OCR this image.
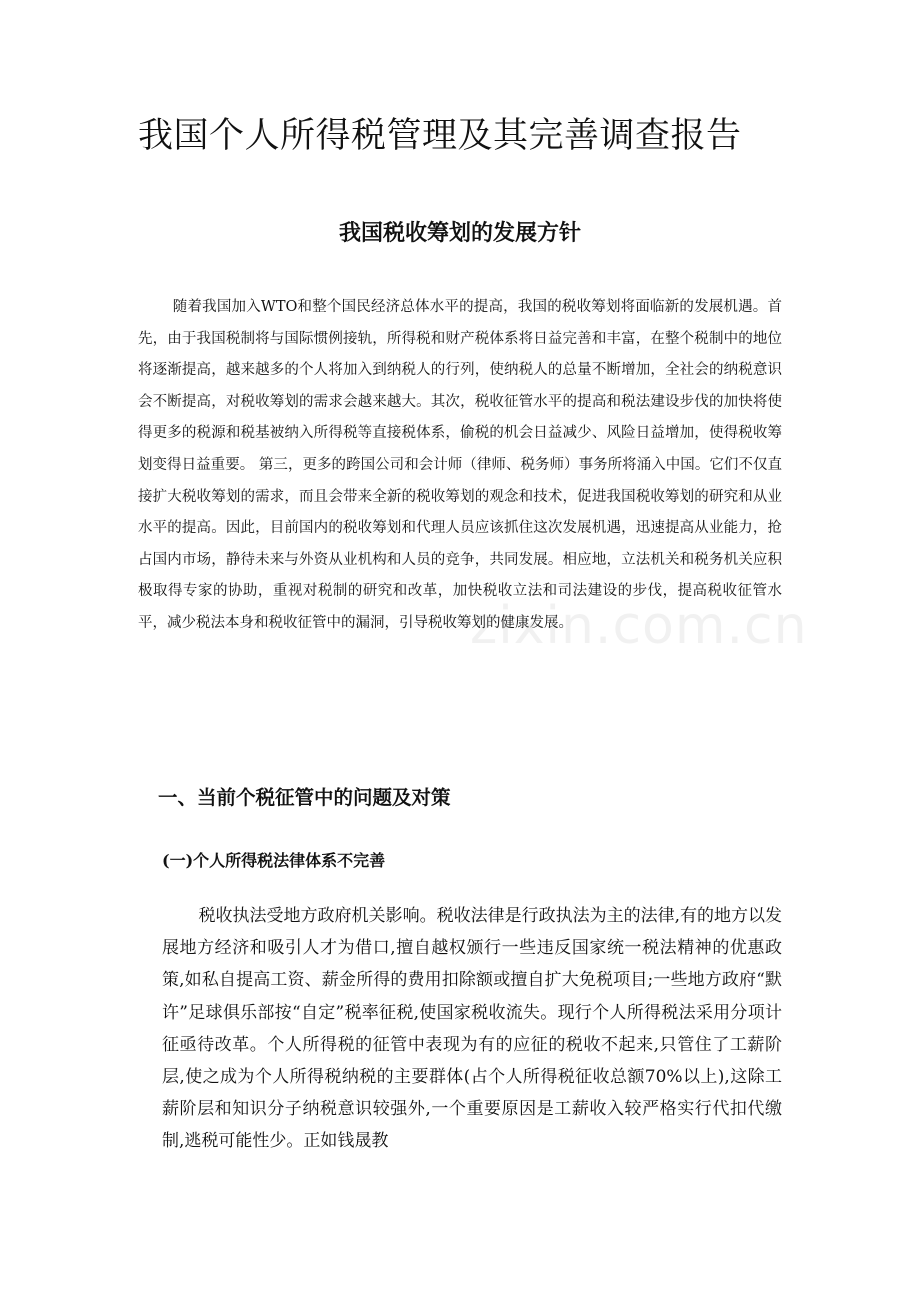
我国个人所得税管理及其完善调查报告
我国税收筹划的发展方针

随着我国加入WTO和整个国民经济总体水平的提高，我国的税收筹划将面临新的发展机遇。首先，由于我国税制将与国际惯例接轨，所得税和财产税体系将日益完善和丰富，在整个税制中的地位将逐渐提高，越来越多的个人将加入到纳税人的行列，使纳税人的总量不断增加，全社会的纳税意识会不断提高，对税收筹划的需求会越来越大。其次，税收征管水平的提高和税法建设步伐的加快将使得更多的税源和税基被纳入所得税等直接税体系，偷税的机会日益减少、风险日益增加，使得税收筹划变得日益重要。 第三，更多的跨国公司和会计师（律师、税务师）事务所将涌入中国。它们不仅直接扩大税收筹划的需求，而且会带来全新的税收筹划的观念和技术，促进我国税收筹划的研究和从业水平的提高。因此，目前国内的税收筹划和代理人员应该抓住这次发展机遇，迅速提高从业能力，抢占国内市场，静待未来与外资从业机构和人员的竞争，共同发展。相应地，立法机关和税务机关应积极取得专家的协助，重视对税制的研究和改革，加快税收立法和司法建设的步伐，提高税收征管水平，减少税法本身和税收征管中的漏洞，引导税收筹划的健康发展。

zixin.com.cn
一、当前个税征管中的问题及对策
(一)个人所得税法律体系不完善

税收执法受地方政府机关影响。税收法律是行政执法为主的法律,有的地方以发展地方经济和吸引人才为借口,擅自越权颁行一些违反国家统一税法精神的优惠政策,如私自提高工资、薪金所得的费用扣除额或擅自扩大免税项目;一些地方政府“默许”足球俱乐部按“自定”税率征税,使国家税收流失。现行个人所得税法采用分项计征亟待改革。个人所得税的征管中表现为有的应征的税收不起来,只管住了工薪阶层,使之成为个人所得税纳税的主要群体(占个人所得税征收总额70%以上),这除工薪阶层和知识分子纳税意识较强外,一个重要原因是工薪收入较严格实行代扣代缴制,逃税可能性少。正如钱晟教
